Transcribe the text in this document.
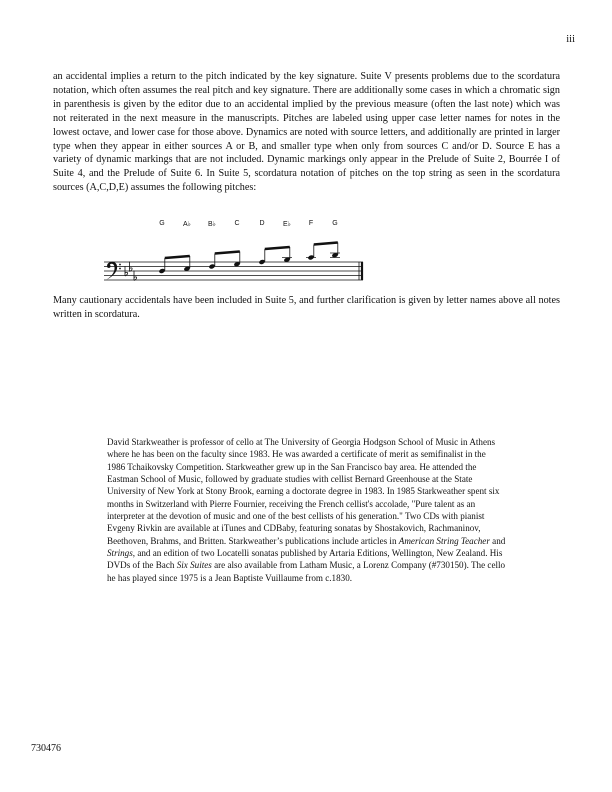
iii

an accidental implies a return to the pitch indicated by the key signature. Suite V presents problems due to the scordatura notation, which often assumes the real pitch and key signature. There are additionally some cases in which a chromatic sign in parenthesis is given by the editor due to an accidental implied by the previous measure (often the last note) which was not reiterated in the next measure in the manuscripts. Pitches are labeled using upper case letter names for notes in the lowest octave, and lower case for those above. Dynamics are noted with source letters, and additionally are printed in larger type when they appear in either sources A or B, and smaller type when only from sources C and/or D. Source E has a variety of dynamic markings that are not included. Dynamic markings only appear in the Prelude of Suite 2, Bourrée I of Suite 4, and the Prelude of Suite 6. In Suite 5, scordatura notation of pitches on the top string as seen in the scordatura sources (A,C,D,E) assumes the following pitches:

G	A♭ B♭	C	D	E♭	F	G

Many cautionary accidentals have been included in Suite 5, and further clarification is given by letter names above all notes written in scordatura.

David Starkweather is professor of cello at The University of Georgia Hodgson School of Music in Athens where he has been on the faculty since 1983. He was awarded a certificate of merit as semifinalist in the 1986 Tchaikovsky Competition. Starkweather grew up in the San Francisco bay area. He attended the Eastman School of Music, followed by graduate studies with cellist Bernard Greenhouse at the State University of New York at Stony Brook, earning a doctorate degree in 1983. In 1985 Starkweather spent six months in Switzerland with Pierre Fournier, receiving the French cellist's accolade, "Pure talent as an interpreter at the devotion of music and one of the best cellists of his generation." Two CDs with pianist Evgeny Rivkin are available at iTunes and CDBaby, featuring sonatas by Shostakovich, Rachmaninov, Beethoven, Brahms, and Britten. Starkweather’s publications include articles in American String Teacher and Strings, and an edition of two Locatelli sonatas published by Artaria Editions, Wellington, New Zealand. His DVDs of the Bach Six Suites are also available from Latham Music, a Lorenz Company (#730150). The cello he has played since 1975 is a Jean Baptiste Vuillaume from c.1830.

730476
